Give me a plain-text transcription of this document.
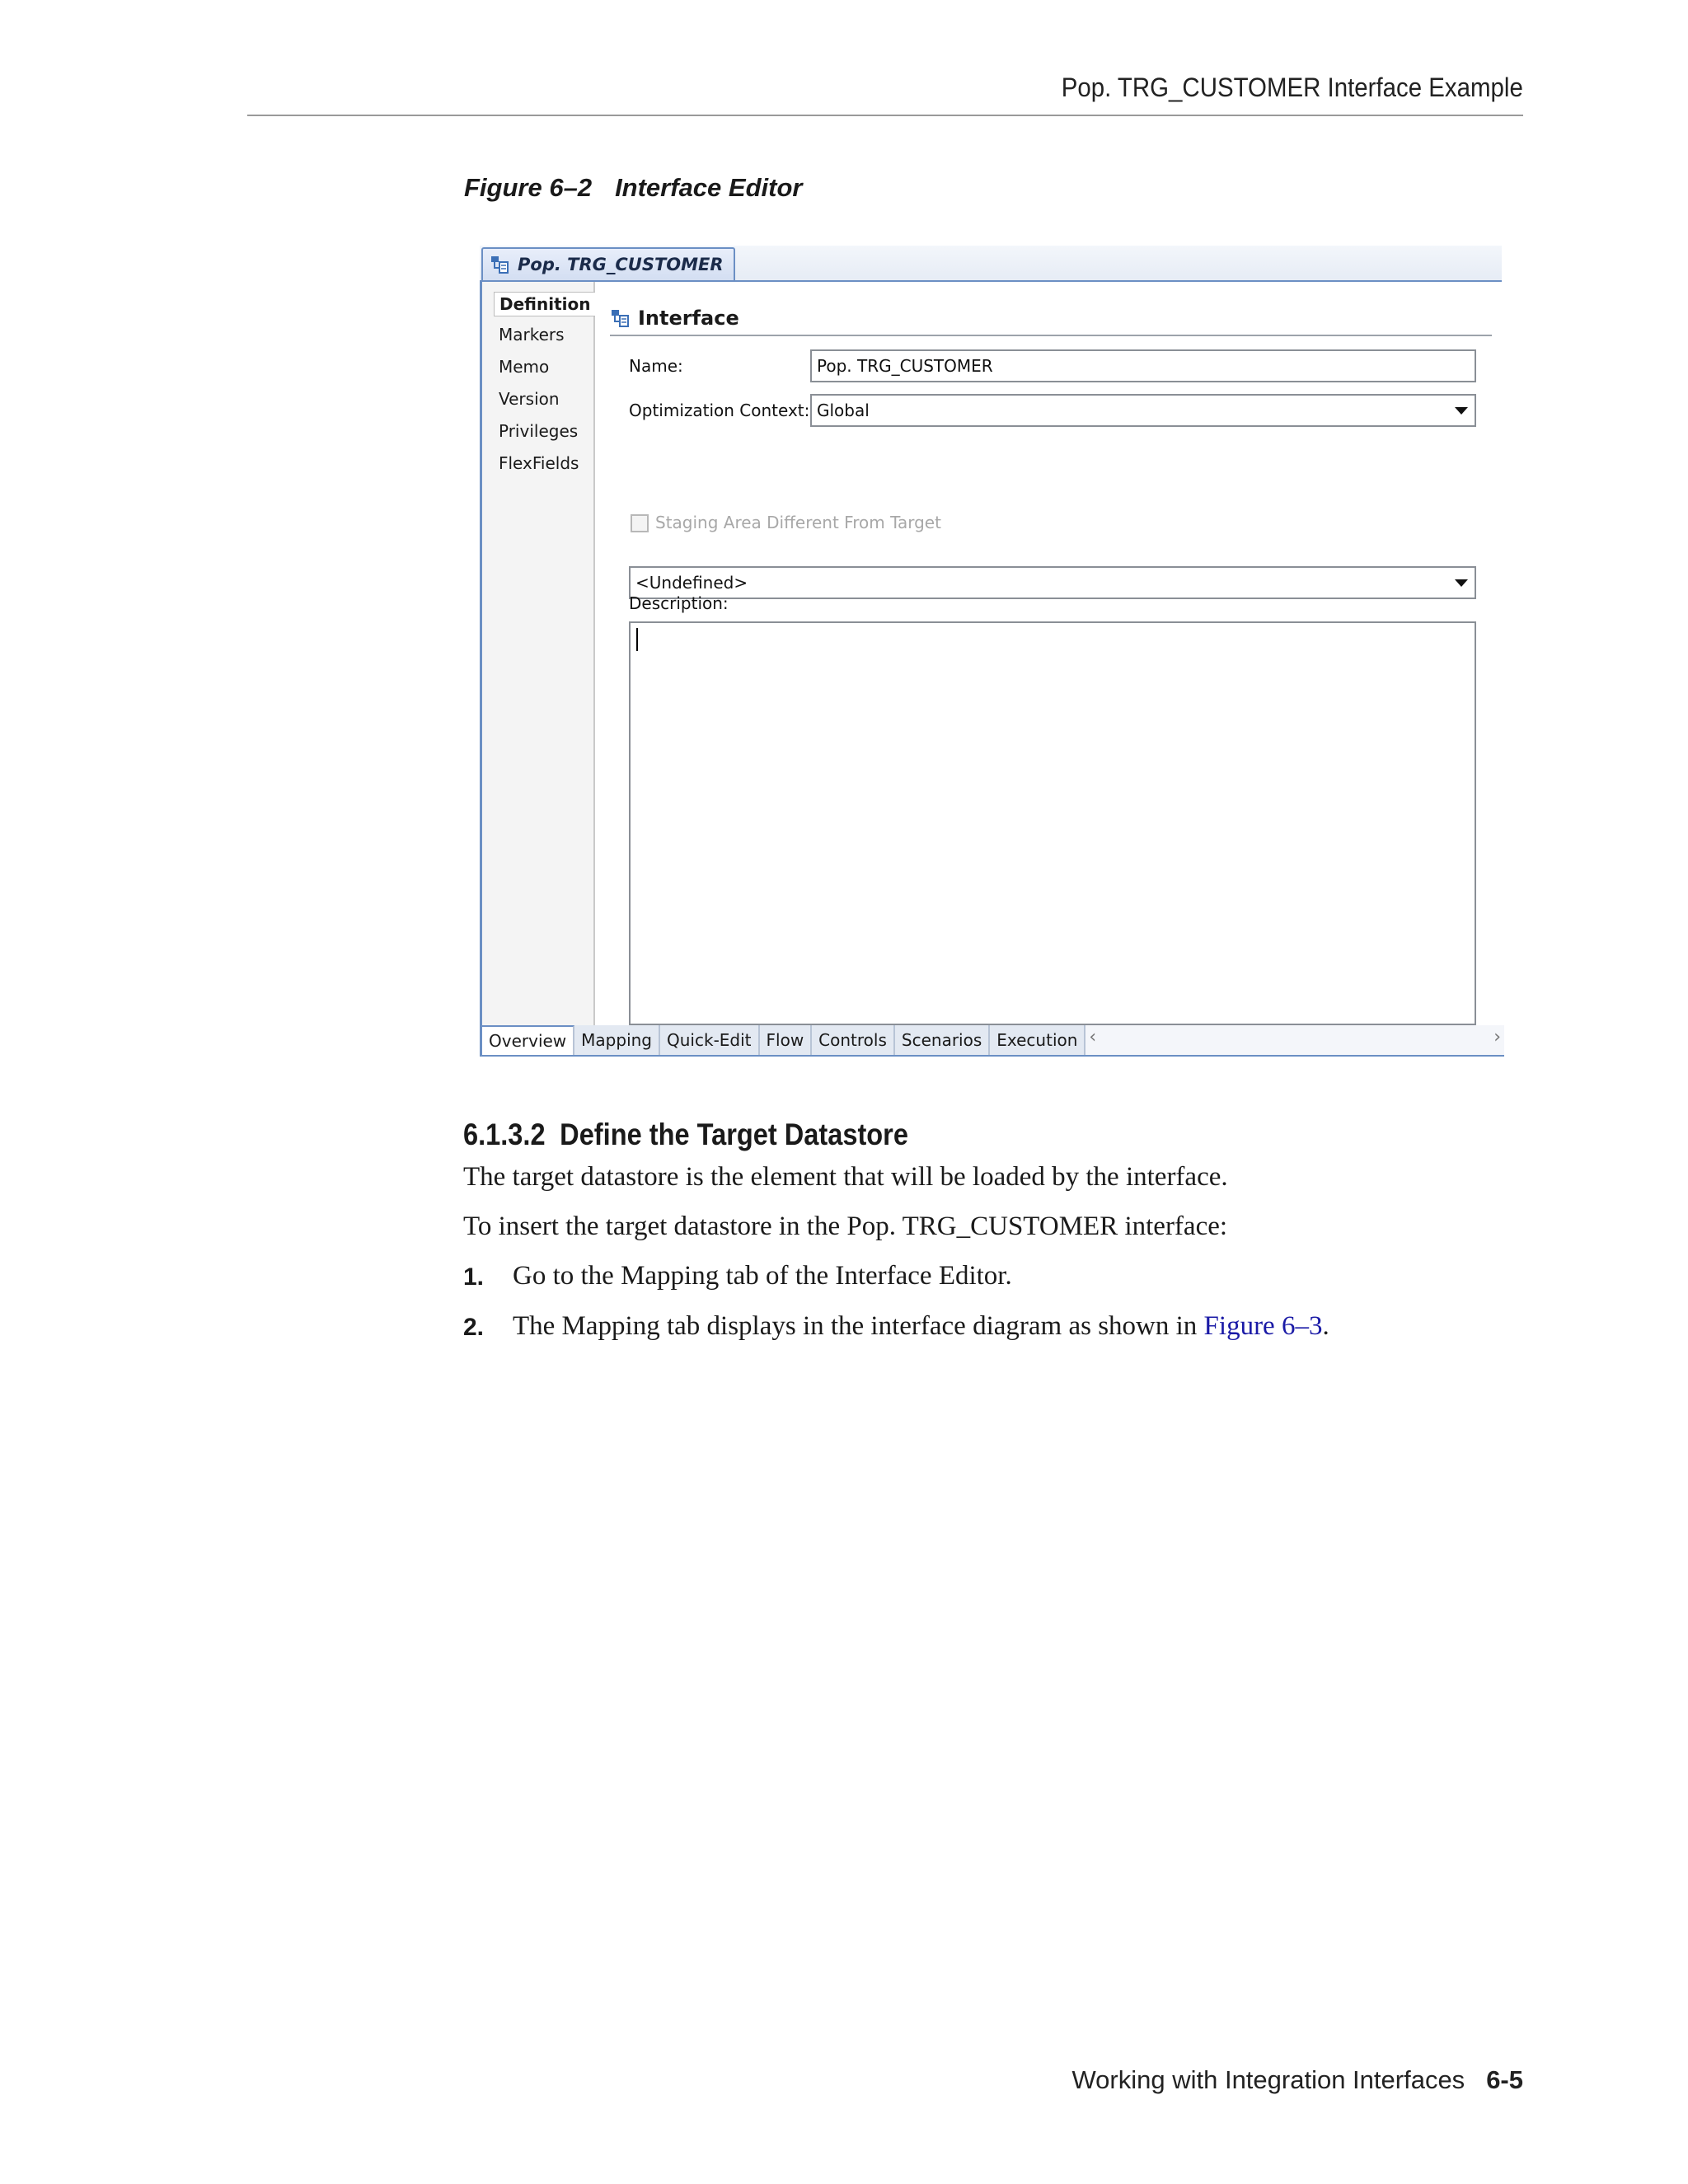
Pop. TRG_CUSTOMER Interface Example
Figure 6–2 Interface Editor
Pop. TRG_CUSTOMER
Definition
Markers
Memo
Version
Privileges
FlexFields
Interface
Name:	Pop. TRG_CUSTOMER
Optimization Context: Global
Staging Area Different From Target
<Undefined>
Description:
Overview Mapping Quick-Edit Flow Controls Scenarios Execution ‹	›
6.1.3.2 Define the Target Datastore
The target datastore is the element that will be loaded by the interface.
To insert the target datastore in the Pop. TRG_CUSTOMER interface:
1. Go to the Mapping tab of the Interface Editor.
2. The Mapping tab displays in the interface diagram as shown in Figure 6–3.
Working with Integration Interfaces 6-5
